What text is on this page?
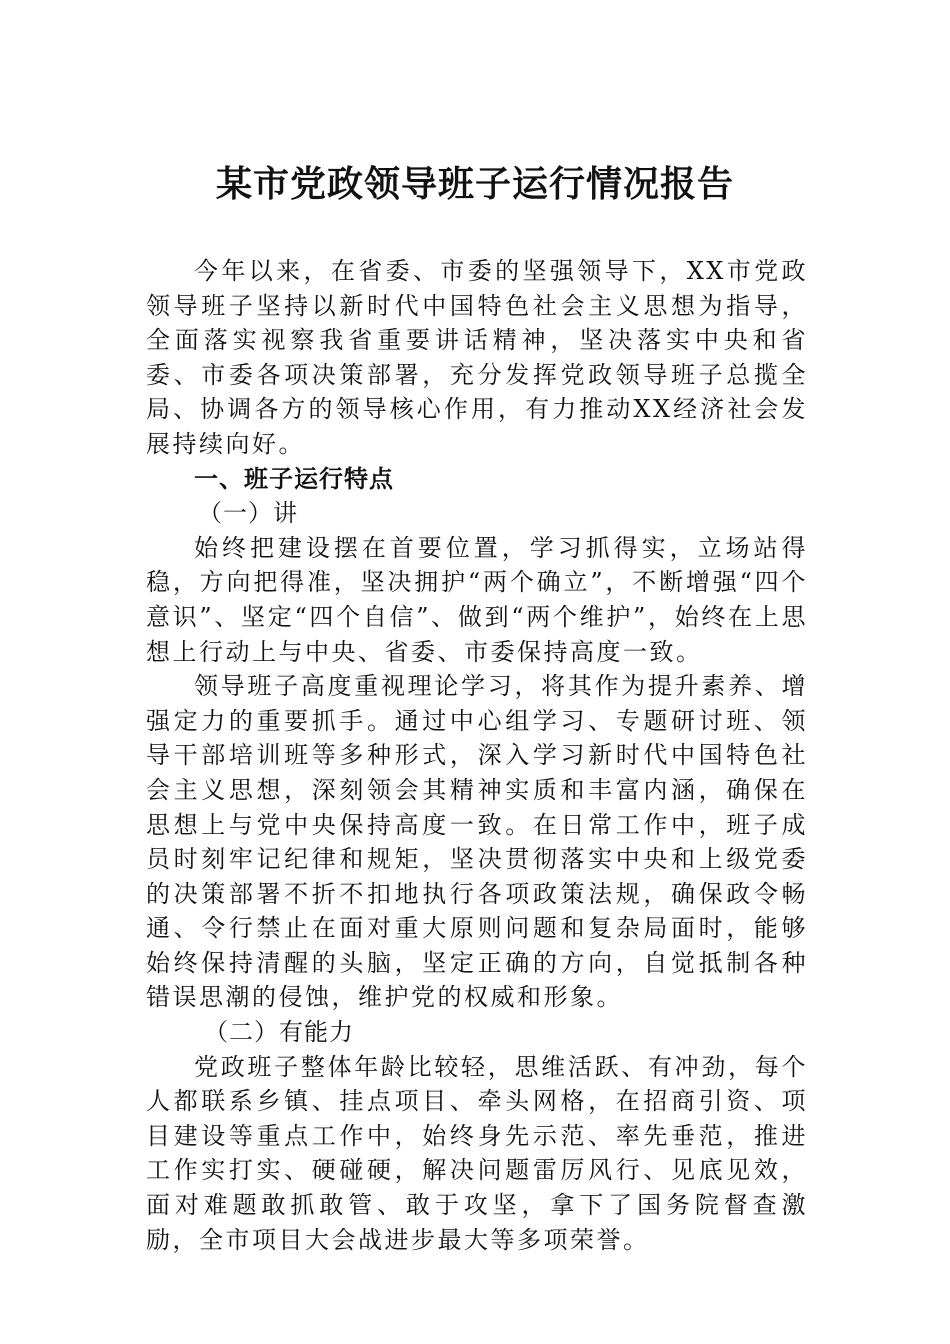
某市党政领导班子运行情况报告

今年以来，在省委、市委的坚强领导下，XX市党政领导班子坚持以新时代中国特色社会主义思想为指导，全面落实视察我省重要讲话精神，坚决落实中央和省委、市委各项决策部署，充分发挥党政领导班子总揽全局、协调各方的领导核心作用，有力推动XX经济社会发展持续向好。

一、班子运行特点

（一）讲

始终把建设摆在首要位置，学习抓得实，立场站得稳，方向把得准，坚决拥护“两个确立”，不断增强“四个意识”、坚定“四个自信”、做到“两个维护”，始终在上思想上行动上与中央、省委、市委保持高度一致。

领导班子高度重视理论学习，将其作为提升素养、增强定力的重要抓手。通过中心组学习、专题研讨班、领导干部培训班等多种形式，深入学习新时代中国特色社会主义思想，深刻领会其精神实质和丰富内涵，确保在思想上与党中央保持高度一致。在日常工作中，班子成员时刻牢记纪律和规矩，坚决贯彻落实中央和上级党委的决策部署不折不扣地执行各项政策法规，确保政令畅通、令行禁止在面对重大原则问题和复杂局面时，能够始终保持清醒的头脑，坚定正确的方向，自觉抵制各种错误思潮的侵蚀，维护党的权威和形象。

（二）有能力

党政班子整体年龄比较轻，思维活跃、有冲劲，每个人都联系乡镇、挂点项目、牵头网格，在招商引资、项目建设等重点工作中，始终身先示范、率先垂范，推进工作实打实、硬碰硬，解决问题雷厉风行、见底见效，面对难题敢抓敢管、敢于攻坚，拿下了国务院督查激励，全市项目大会战进步最大等多项荣誉。
